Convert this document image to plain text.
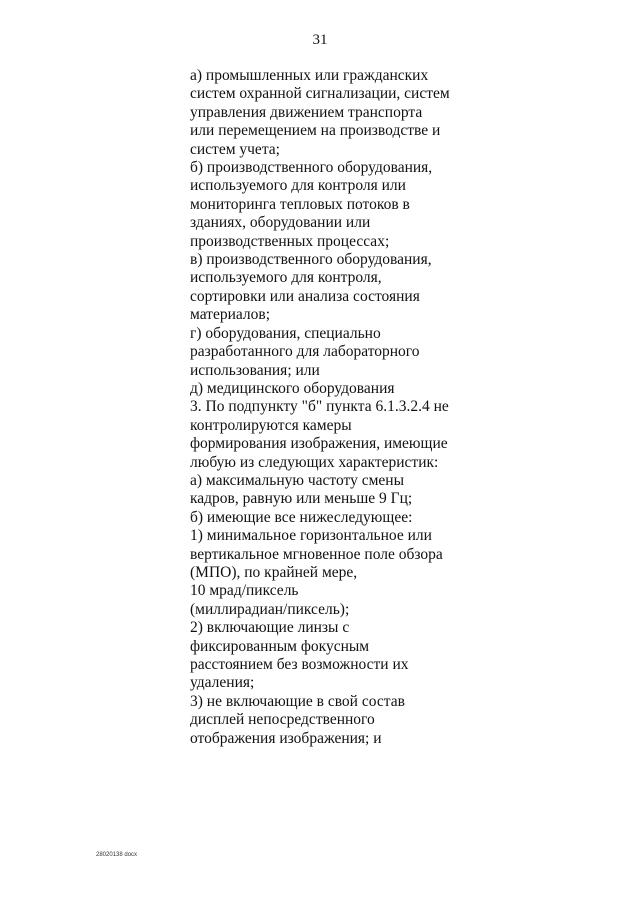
31
а) промышленных или гражданских
систем охранной сигнализации, систем
управления движением транспорта
или перемещением на производстве и
систем учета;
б) производственного оборудования,
используемого для контроля или
мониторинга тепловых потоков в
зданиях, оборудовании или
производственных процессах;
в) производственного оборудования,
используемого для контроля,
сортировки или анализа состояния
материалов;
г) оборудования, специально
разработанного для лабораторного
использования; или
д) медицинского оборудования
3. По подпункту "б" пункта 6.1.3.2.4 не
контролируются камеры
формирования изображения, имеющие
любую из следующих характеристик:
а) максимальную частоту смены
кадров, равную или меньше 9 Гц;
б) имеющие все нижеследующее:
1) минимальное горизонтальное или
вертикальное мгновенное поле обзора
(МПО), по крайней мере,
10 мрад/пиксель
(миллирадиан/пиксель);
2) включающие линзы с
фиксированным фокусным
расстоянием без возможности их
удаления;
3) не включающие в свой состав
дисплей непосредственного
отображения изображения; и
28020138 docx
